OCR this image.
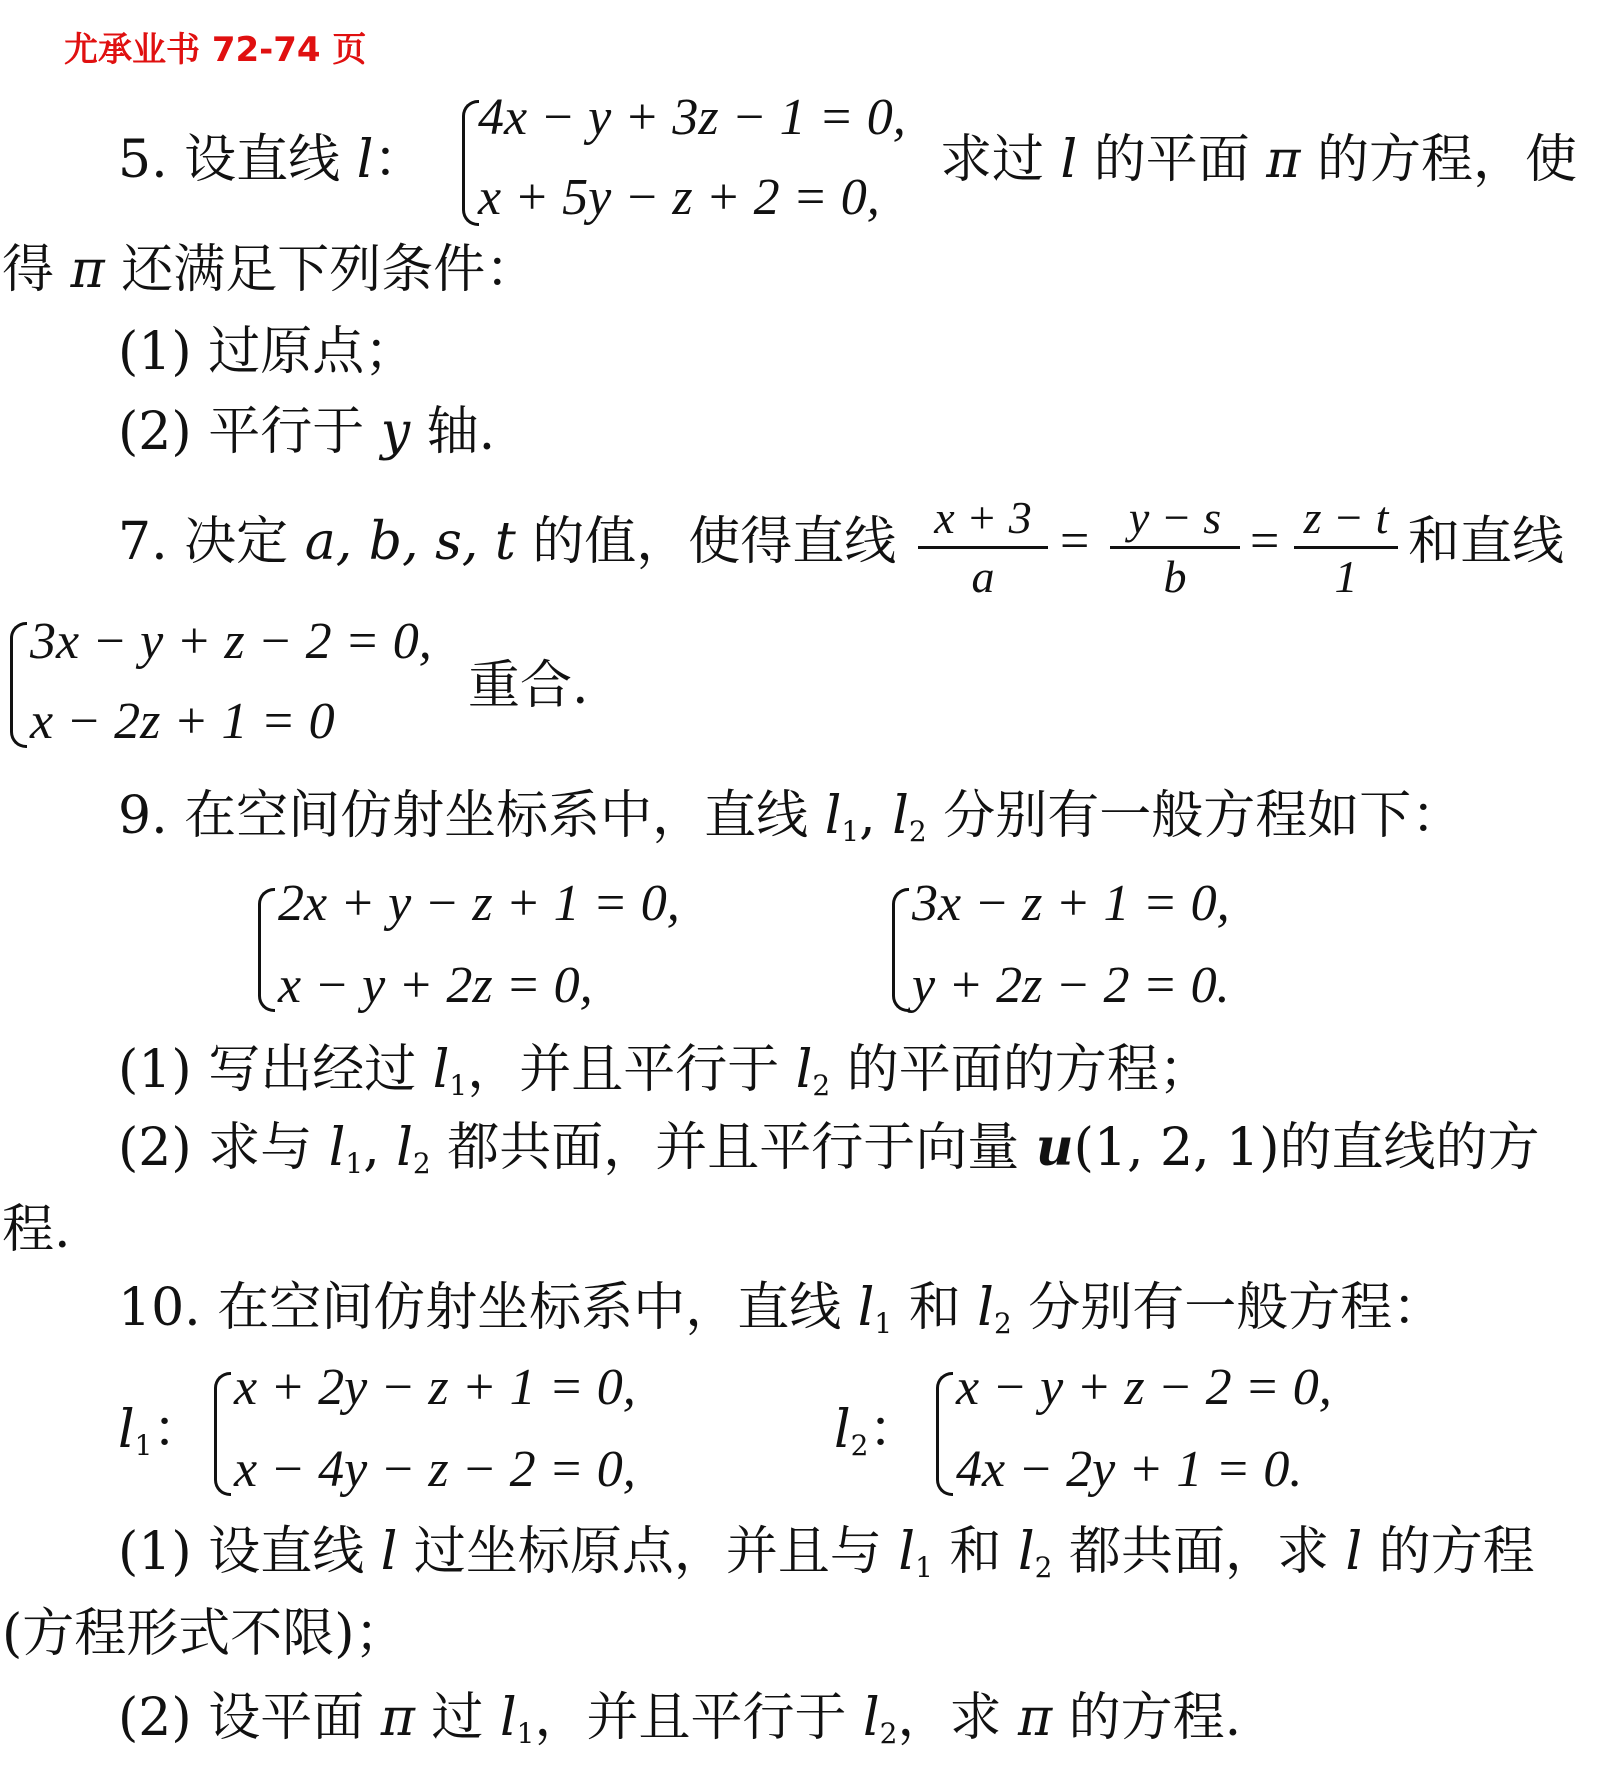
尤承业书 72-74 页
5. 设直线 l：
4x − y + 3z − 1 = 0,
x + 5y − z + 2 = 0,
求过 l 的平面 π 的方程，使
得 π 还满足下列条件：
(1) 过原点；
(2) 平行于 y 轴.
7. 决定 a, b, s, t 的值，使得直线 x + 3
a
= y − s
b
= z − t
1
和直线
3x − y + z − 2 = 0,
x − 2z + 1 = 0
重合.
9. 在空间仿射坐标系中，直线 $l_1$, $l_2$ 分别有一般方程如下：
2x + y − z + 1 = 0,
x − y + 2z = 0,
3x − z + 1 = 0,
y + 2z − 2 = 0.
(1) 写出经过 $l_1$，并且平行于 $l_2$ 的平面的方程；
(2) 求与 $l_1$, $l_2$ 都共面，并且平行于向量 u(1, 2, 1)的直线的方
程.
10. 在空间仿射坐标系中，直线 $l_1$ 和 $l_2$ 分别有一般方程：
$l_1$：
x + 2y − z + 1 = 0,
x − 4y − z − 2 = 0,
$l_2$：
x − y + z − 2 = 0,
4x − 2y + 1 = 0.
(1) 设直线 l 过坐标原点，并且与 $l_1$ 和 $l_2$ 都共面，求 l 的方程
(方程形式不限)；
(2) 设平面 π 过 $l_1$，并且平行于 $l_2$，求 π 的方程.
